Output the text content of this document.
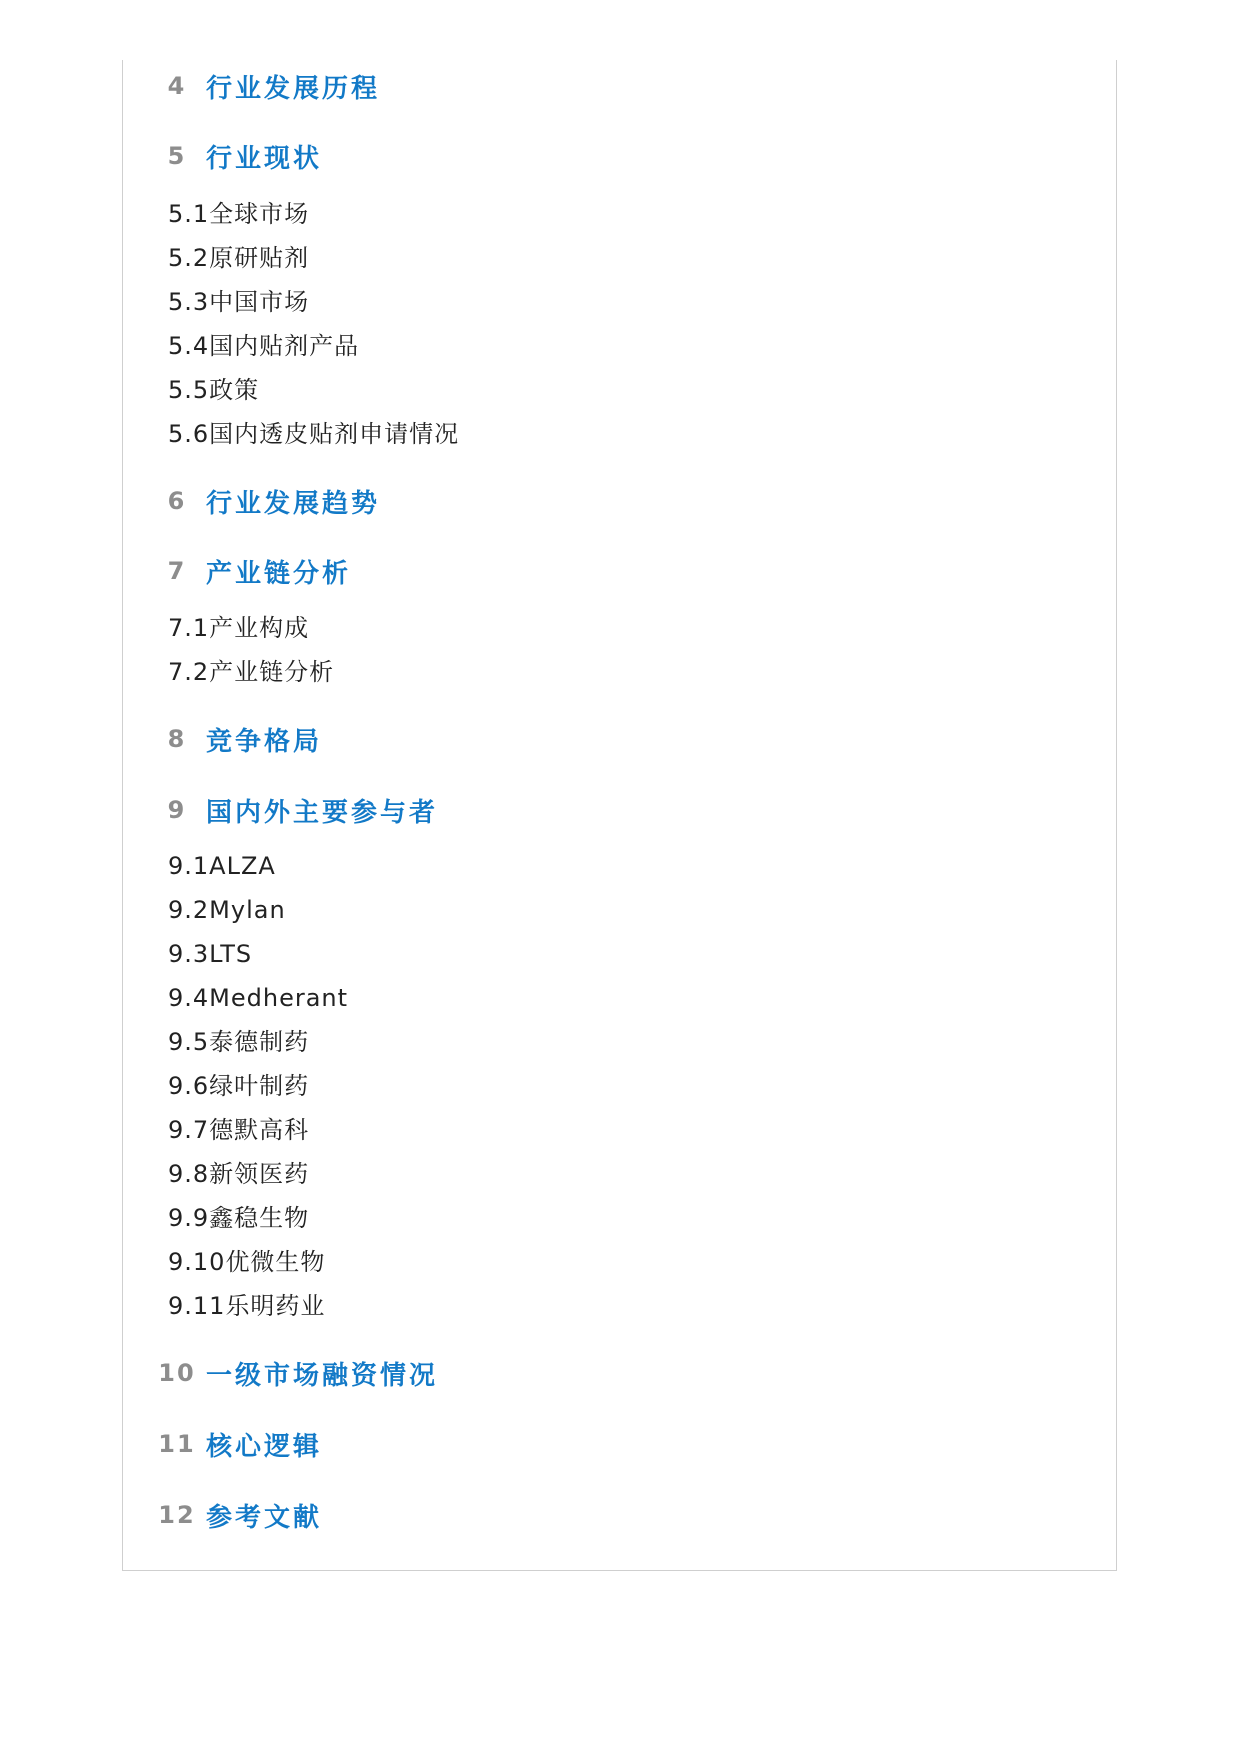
4 行业发展历程
5 行业现状
5.1全球市场
5.2原研贴剂
5.3中国市场
5.4国内贴剂产品
5.5政策
5.6国内透皮贴剂申请情况
6 行业发展趋势
7 产业链分析
7.1产业构成
7.2产业链分析
8 竞争格局
9 国内外主要参与者
9.1ALZA
9.2Mylan
9.3LTS
9.4Medherant
9.5泰德制药
9.6绿叶制药
9.7德默高科
9.8新领医药
9.9鑫稳生物
9.10优微生物
9.11乐明药业
10 一级市场融资情况
11 核心逻辑
12 参考文献
